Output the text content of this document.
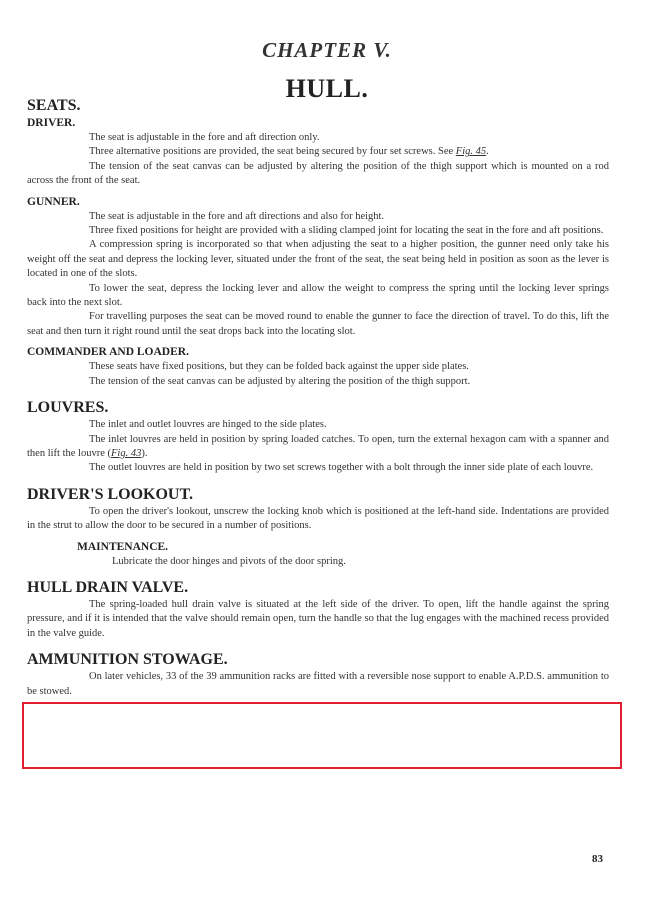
CHAPTER V.
HULL.
SEATS.
DRIVER.

The seat is adjustable in the fore and aft direction only.

Three alternative positions are provided, the seat being secured by four set screws. See Fig. 45.

The tension of the seat canvas can be adjusted by altering the position of the thigh support which is mounted on a rod across the front of the seat.

GUNNER.

The seat is adjustable in the fore and aft directions and also for height.

Three fixed positions for height are provided with a sliding clamped joint for locating the seat in the fore and aft positions.

A compression spring is incorporated so that when adjusting the seat to a higher position, the gunner need only take his weight off the seat and depress the locking lever, situated under the front of the seat, the seat being held in position as soon as the lever is located in one of the slots.

To lower the seat, depress the locking lever and allow the weight to compress the spring until the locking lever springs back into the next slot.

For travelling purposes the seat can be moved round to enable the gunner to face the direction of travel. To do this, lift the seat and then turn it right round until the seat drops back into the locating slot.

COMMANDER AND LOADER.

These seats have fixed positions, but they can be folded back against the upper side plates.

The tension of the seat canvas can be adjusted by altering the position of the thigh support.

LOUVRES.

The inlet and outlet louvres are hinged to the side plates.

The inlet louvres are held in position by spring loaded catches. To open, turn the external hexagon cam with a spanner and then lift the louvre (Fig. 43).

The outlet louvres are held in position by two set screws together with a bolt through the inner side plate of each louvre.

DRIVER'S LOOKOUT.

To open the driver's lookout, unscrew the locking knob which is positioned at the left-hand side. Indentations are provided in the strut to allow the door to be secured in a number of positions.

MAINTENANCE.

Lubricate the door hinges and pivots of the door spring.

HULL DRAIN VALVE.

The spring-loaded hull drain valve is situated at the left side of the driver. To open, lift the handle against the spring pressure, and if it is intended that the valve should remain open, turn the handle so that the lug engages with the machined recess provided in the valve guide.

AMMUNITION STOWAGE.

On later vehicles, 33 of the 39 ammunition racks are fitted with a reversible nose support to enable A.P.D.S. ammunition to be stowed.

83
